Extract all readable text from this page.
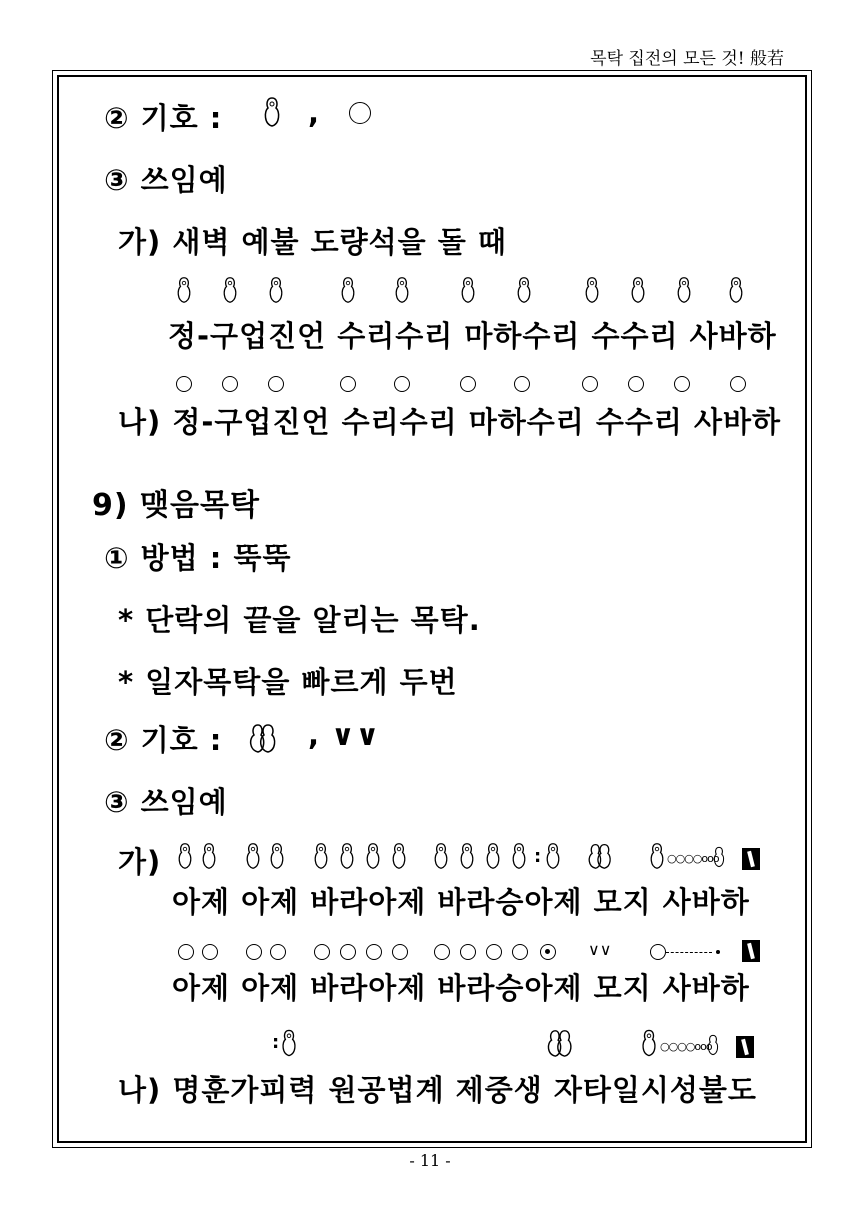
목탁 집전의 모든 것! 般若
② 기호 :	,
③ 쓰임예
가) 새벽 예불 도량석을 돌 때
정-구업진언 수리수리 마하수리 수수리 사바하
나) 정-구업진언 수리수리 마하수리 수수리 사바하
9) 맺음목탁
① 방법 : 뚝뚝
* 단락의 끝을 알리는 목탁.
* 일자목탁을 빠르게 두번
② 기호 :	, ∨∨
③ 쓰임예
가)	:	○○○○ooo
아제 아제 바라아제 바라승아제 모지 사바하
∨∨
아제 아제 바라아제 바라승아제 모지 사바하
:	○○○○ooo
나) 명훈가피력 원공법계 제중생 자타일시성불도
- 11 -
